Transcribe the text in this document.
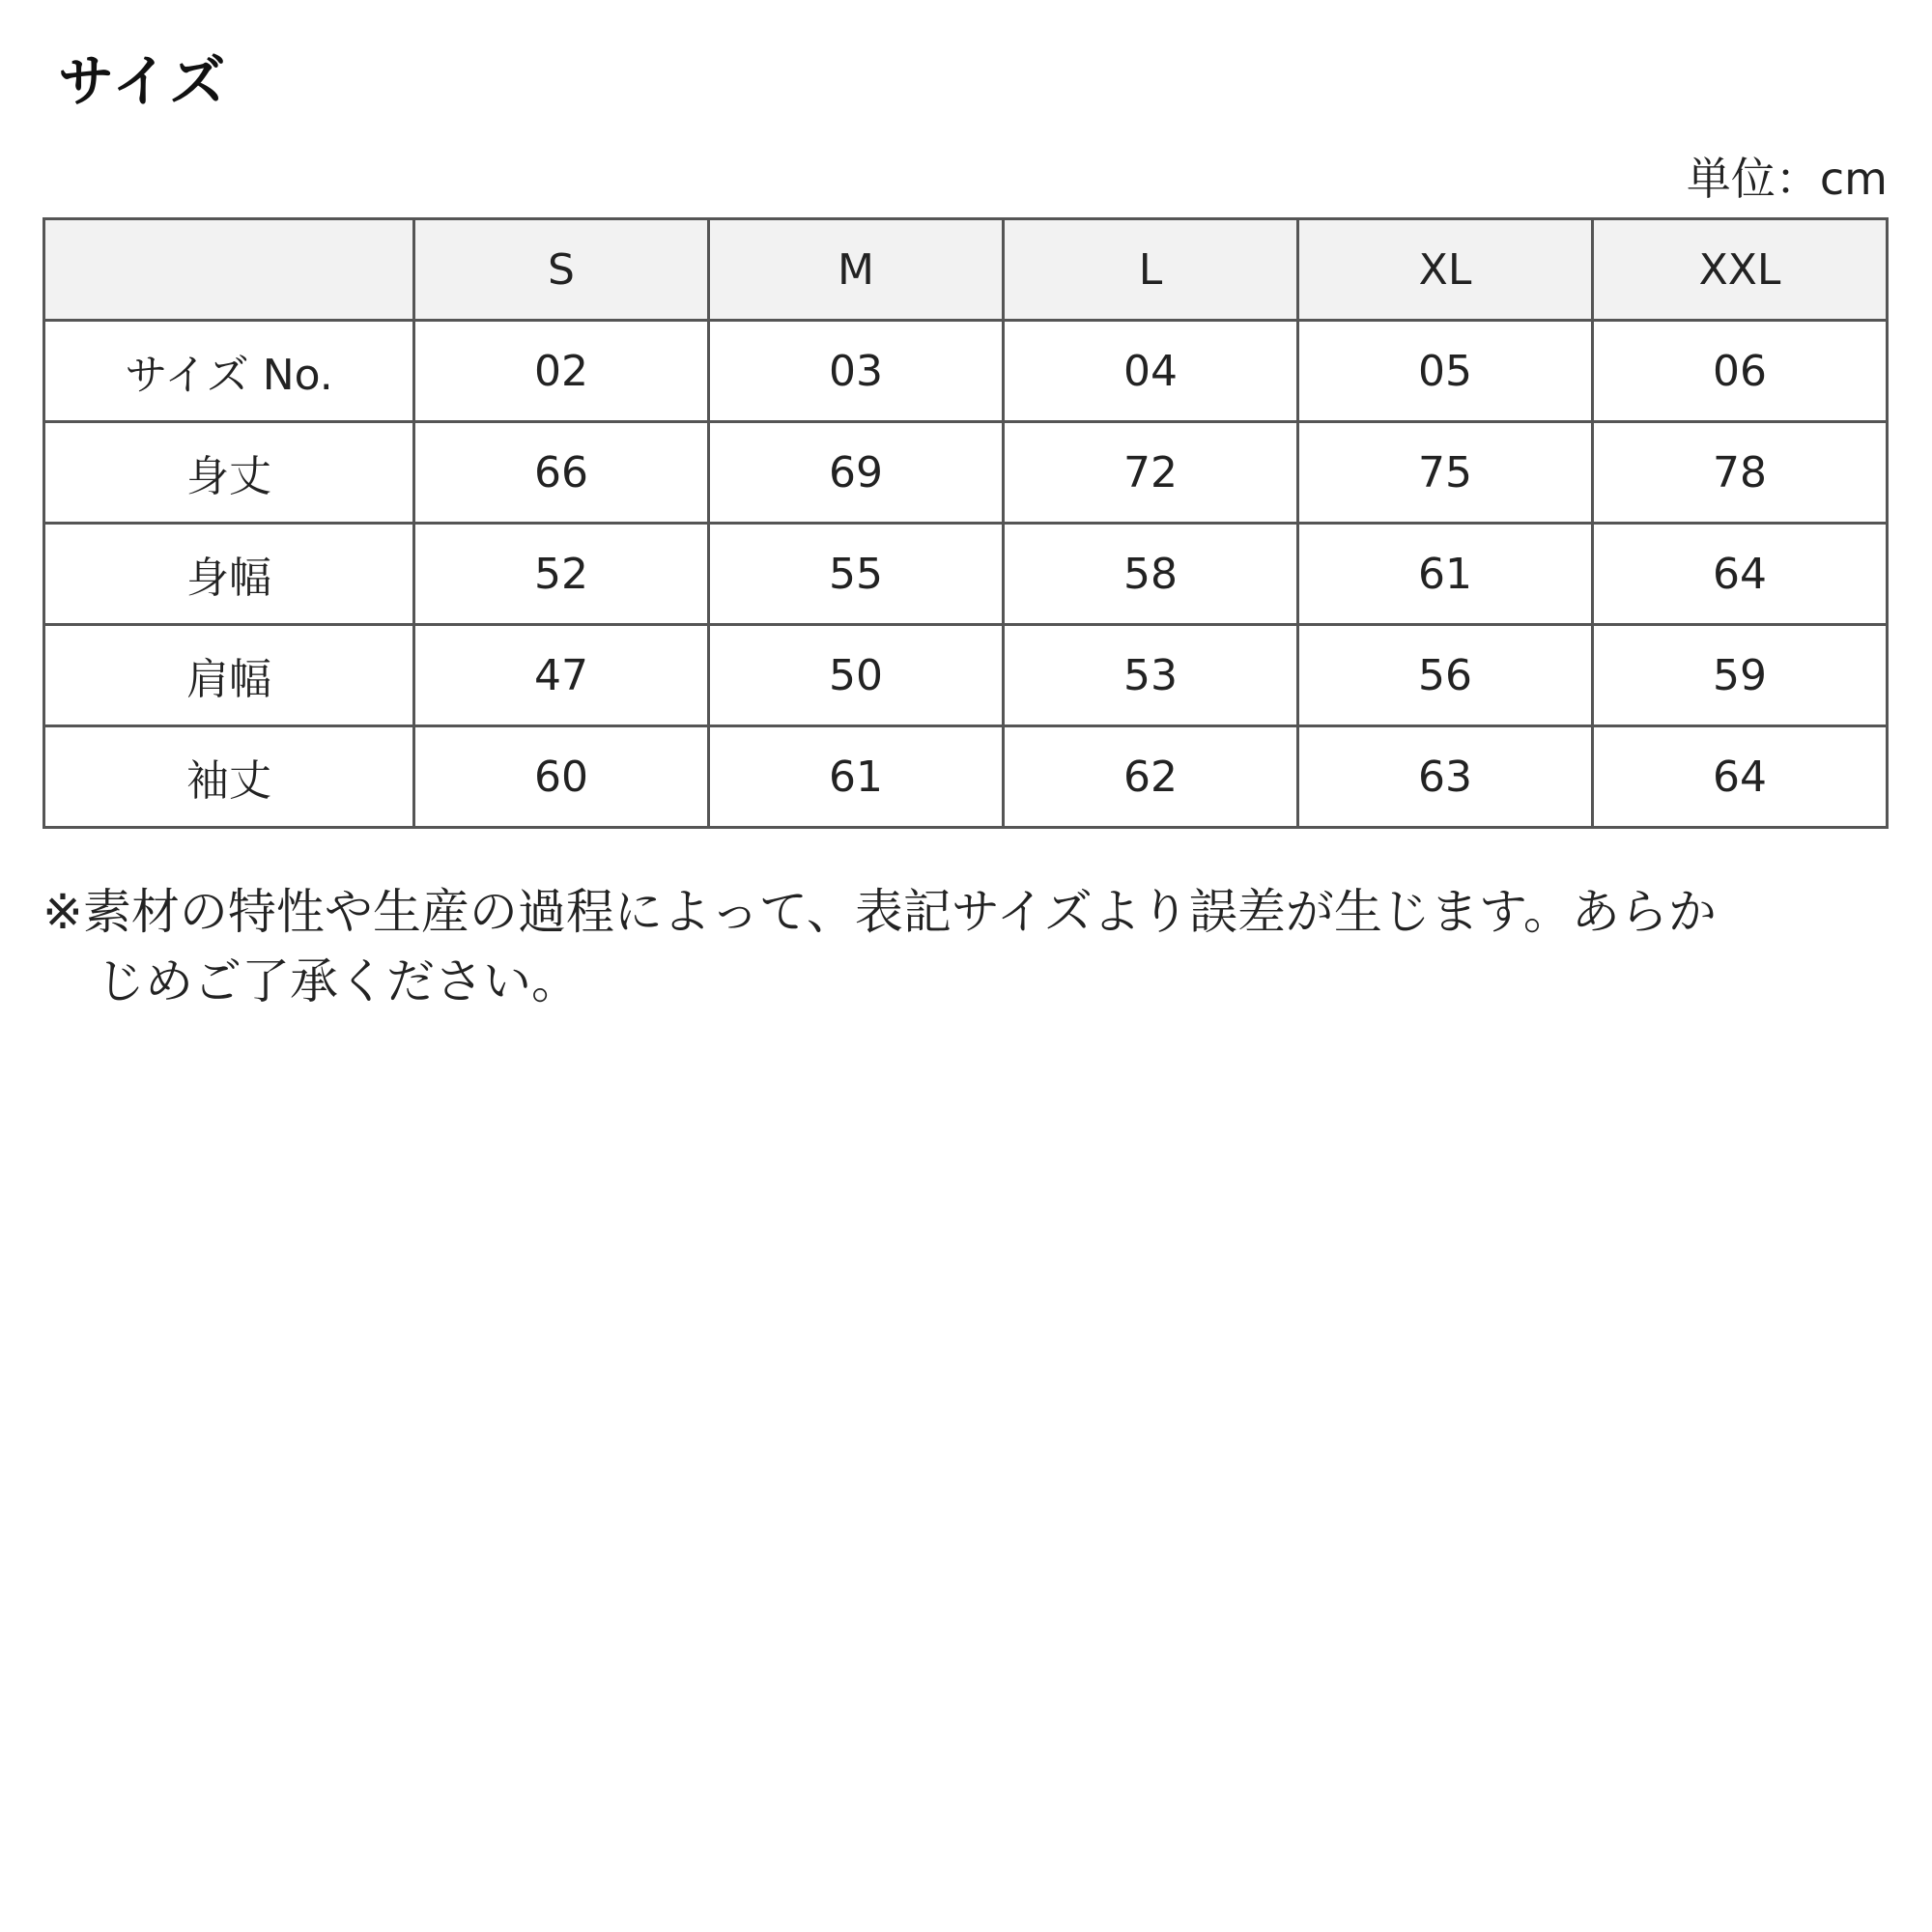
サイズ
単位：cm
	S	M	L	XL	XXL
サイズ No.	02	03	04	05	06
身丈	66	69	72	75	78
身幅	52	55	58	61	64
肩幅	47	50	53	56	59
袖丈	60	61	62	63	64
※素材の特性や生産の過程によって、表記サイズより誤差が生じます。あらか
じめご了承ください。
